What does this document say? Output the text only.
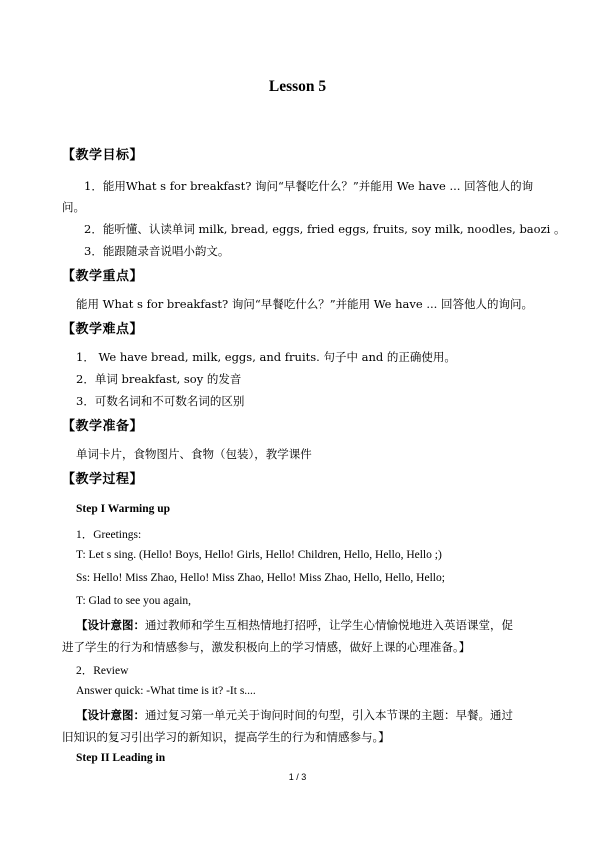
Lesson 5
【教学目标】
1．能用What s for breakfast? 询问“早餐吃什么？”并能用 We have ... 回答他人的询
问。
2．能听懂、认读单词 milk, bread, eggs, fried eggs, fruits, soy milk, noodles, baozi 。
3．能跟随录音说唱小韵文。
【教学重点】
能用 What s for breakfast? 询问“早餐吃什么？”并能用 We have ... 回答他人的询问。
【教学难点】
1． We have bread, milk, eggs, and fruits. 句子中 and 的正确使用。
2．单词 breakfast, soy 的发音
3．可数名词和不可数名词的区别
【教学准备】
单词卡片，食物图片、食物（包装），教学课件
【教学过程】
Step I Warming up
1．Greetings:
T: Let s sing. (Hello! Boys, Hello! Girls, Hello! Children, Hello, Hello, Hello ;)
Ss: Hello! Miss Zhao, Hello! Miss Zhao, Hello! Miss Zhao, Hello, Hello, Hello;
T: Glad to see you again,
【设计意图：通过教师和学生互相热情地打招呼，让学生心情愉悦地进入英语课堂，促
进了学生的行为和情感参与，激发积极向上的学习情感，做好上课的心理准备。】
2．Review
Answer quick: -What time is it? -It s....
【设计意图：通过复习第一单元关于询问时间的句型，引入本节课的主题：早餐。通过
旧知识的复习引出学习的新知识，提高学生的行为和情感参与。】
Step II Leading in
1 / 3
